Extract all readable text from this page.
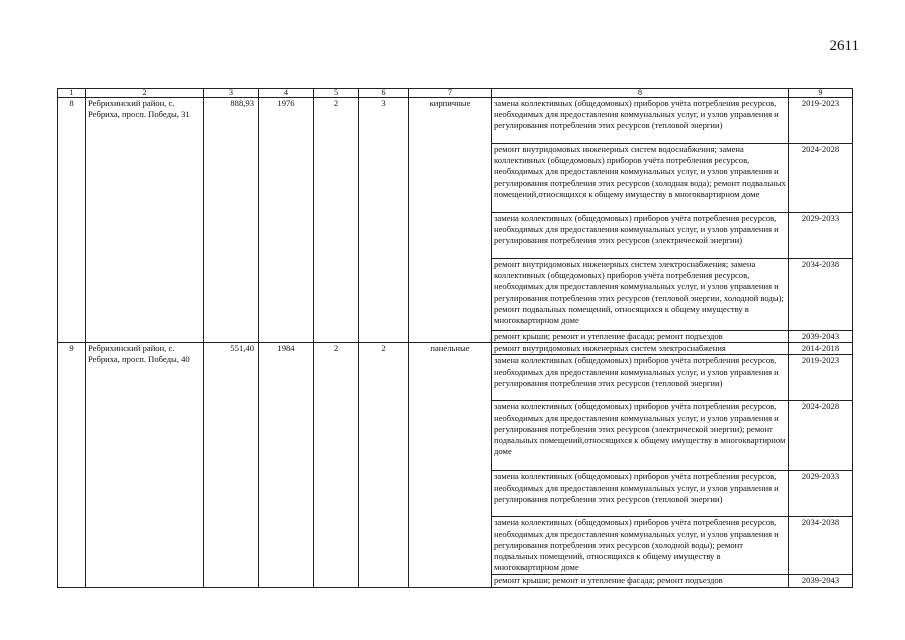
2611
1	2	3	4	5	6	7	8	9
8	Ребрихинский район, с. Ребриха, просп. Победы, 31	888,93	1976	2	3	кирпичные	замена коллективных (общедомовых) приборов учёта потребления ресурсов, необходимых для предоставления коммунальных услуг, и узлов управления и регулирования потребления этих ресурсов (тепловой энергии)	2019-2023
							ремонт внутридомовых инженерных систем водоснабжения; замена коллективных (общедомовых) приборов учёта потребления ресурсов, необходимых для предоставления коммунальных услуг, и узлов управления и регулирования потребления этих ресурсов (холодная вода); ремонт подвальных помещений,относящихся к общему имуществу в многоквартирном доме	2024-2028
							замена коллективных (общедомовых) приборов учёта потребления ресурсов, необходимых для предоставления коммунальных услуг, и узлов управления и регулирования потребления этих ресурсов (электрической энергии)	2029-2033
							ремонт внутридомовых инженерных систем электроснабжения; замена коллективных (общедомовых) приборов учёта потребления ресурсов, необходимых для предоставления коммунальных услуг, и узлов управления и регулирования потребления этих ресурсов (тепловой энергии, холодной воды); ремонт подвальных помещений, относящихся к общему имуществу в многоквартирном доме	2034-2038
							ремонт крыши; ремонт и утепление фасада; ремонт подъездов	2039-2043
9	Ребрихинский район, с. Ребриха, просп. Победы, 40	551,40	1984	2	2	панельные	ремонт внутридомовых инженерных систем электроснабжения	2014-2018
							замена коллективных (общедомовых) приборов учёта потребления ресурсов, необходимых для предоставления коммунальных услуг, и узлов управления и регулирования потребления этих ресурсов (тепловой энергии)	2019-2023
							замена коллективных (общедомовых) приборов учёта потребления ресурсов, необходимых для предоставления коммунальных услуг, и узлов управления и регулирования потребления этих ресурсов (электрической энергии); ремонт подвальных помещений,относящихся к общему имуществу в многоквартирном доме	2024-2028
							замена коллективных (общедомовых) приборов учёта потребления ресурсов, необходимых для предоставления коммунальных услуг, и узлов управления и регулирования потребления этих ресурсов (тепловой энергии)	2029-2033
							замена коллективных (общедомовых) приборов учёта потребления ресурсов, необходимых для предоставления коммунальных услуг, и узлов управления и регулирования потребления этих ресурсов (холодной воды); ремонт подвальных помещений, относящихся к общему имуществу в многоквартирном доме	2034-2038
							ремонт крыши; ремонт и утепление фасада; ремонт подъездов	2039-2043
